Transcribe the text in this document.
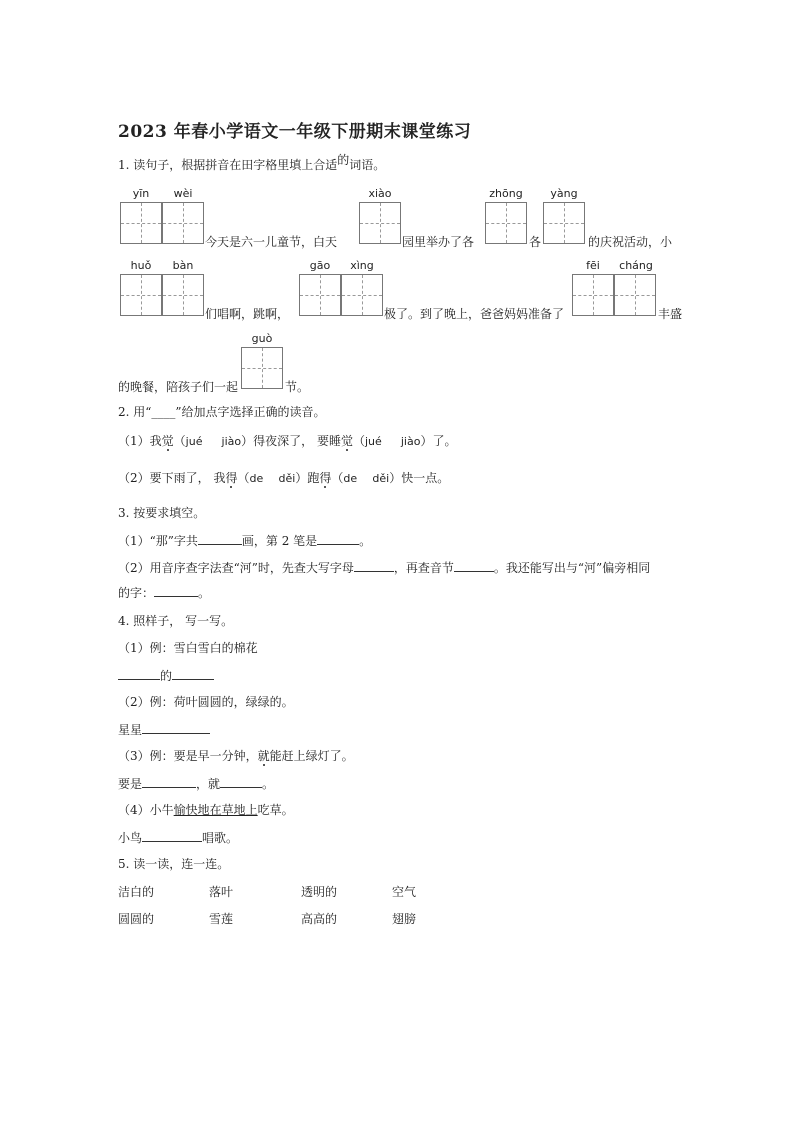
2023 年春小学语文一年级下册期末课堂练习
1. 读句子，根据拼音在田字格里填上合适的词语。
yīn wèi	xiào	zhōng	yàng
今天是六一儿童节，白天	园里举办了各	各	的庆祝活动，小
huǒ bàn	gāo xìng	fēi cháng
们唱啊，跳啊，	极了。到了晚上，爸爸妈妈准备了	丰盛
guò
的晚餐，陪孩子们一起	节。
2. 用“____”给加点字选择正确的读音。
（1）我觉（jué jiào）得夜深了， 要睡觉（jué jiào）了。
（2）要下雨了， 我得（de děi）跑得（de děi）快一点。
3. 按要求填空。
（1）“那”字共	画，第 2 笔是	。
（2）用音序查字法查“河”时，先查大写字母	，再查音节	。我还能写出与“河”偏旁相同
的字：	。
4. 照样子， 写一写。
（1）例：雪白雪白的棉花
的
（2）例：荷叶圆圆的，绿绿的。
星星
（3）例：要是早一分钟，就能赶上绿灯了。
要是	，就	。
（4）小牛愉快地在草地上吃草。
小鸟	唱歌。
5. 读一读，连一连。
洁白的	落叶	透明的	空气
圆圆的	雪莲	高高的	翅膀
